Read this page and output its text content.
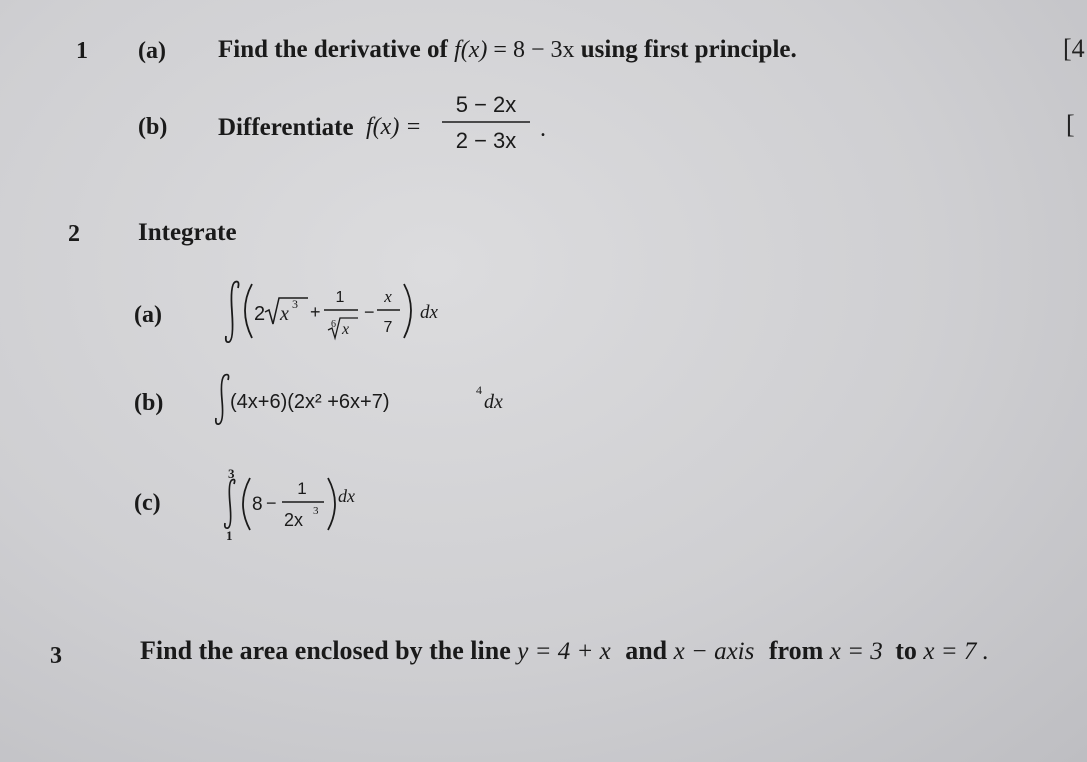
1 (a) Find the derivative of f(x) = 8 − 3x using first principle.	[4
(b) Differentiate f(x) =
5 − 2x
2 − 3x .	[
2 Integrate
(a)	2 x 3 +
1
6 x
−
x
7
dx
(b)	(4x+6)(2x² +6x+7)
4
dx
(c)
3
1
8 −
1
2x 3
dx
3	Find the area enclosed by the line y = 4 + x and x − axis from x = 3 to x = 7 .
